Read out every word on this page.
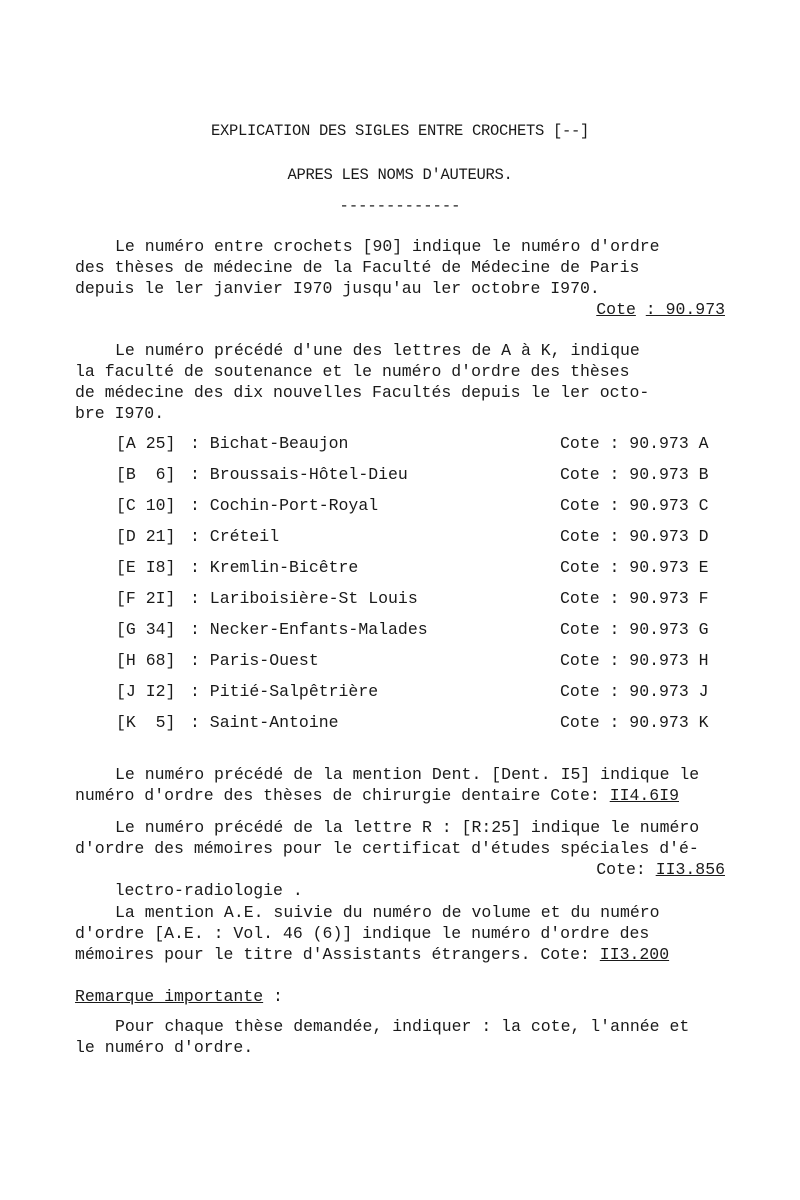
EXPLICATION DES SIGLES ENTRE CROCHETS [--]
APRES LES NOMS D'AUTEURS.
-------------
Le numéro entre crochets [90] indique le numéro d'ordre
des thèses de médecine de la Faculté de Médecine de Paris
depuis le ler janvier I970 jusqu'au ler octobre I970.

Cote : 90.973

Le numéro précédé d'une des lettres de A à K, indique
la faculté de soutenance et le numéro d'ordre des thèses
de médecine des dix nouvelles Facultés depuis le ler octo-
bre I970.
[A 25] : Bichat-Beaujon	Cote : 90.973 A
[B  6] : Broussais-Hôtel-Dieu	Cote : 90.973 B
[C 10] : Cochin-Port-Royal	Cote : 90.973 C
[D 21] : Créteil	Cote : 90.973 D
[E I8] : Kremlin-Bicêtre	Cote : 90.973 E
[F 2I] : Lariboisière-St Louis	Cote : 90.973 F
[G 34] : Necker-Enfants-Malades	Cote : 90.973 G
[H 68] : Paris-Ouest	Cote : 90.973 H
[J I2] : Pitié-Salpêtrière	Cote : 90.973 J
[K  5] : Saint-Antoine	Cote : 90.973 K
Le numéro précédé de la mention Dent. [Dent. I5] indique le
numéro d'ordre des thèses de chirurgie dentaire Cote: II4.6I9
Le numéro précédé de la lettre R : [R:25] indique le numéro
d'ordre des mémoires pour le certificat d'études spéciales d'é-

lectro-radiologie .

Cote: II3.856

La mention A.E. suivie du numéro de volume et du numéro
d'ordre [A.E. : Vol. 46 (6)] indique le numéro d'ordre des
mémoires pour le titre d'Assistants étrangers. Cote: II3.200
Remarque importante :
Pour chaque thèse demandée, indiquer : la cote, l'année et
le numéro d'ordre.
